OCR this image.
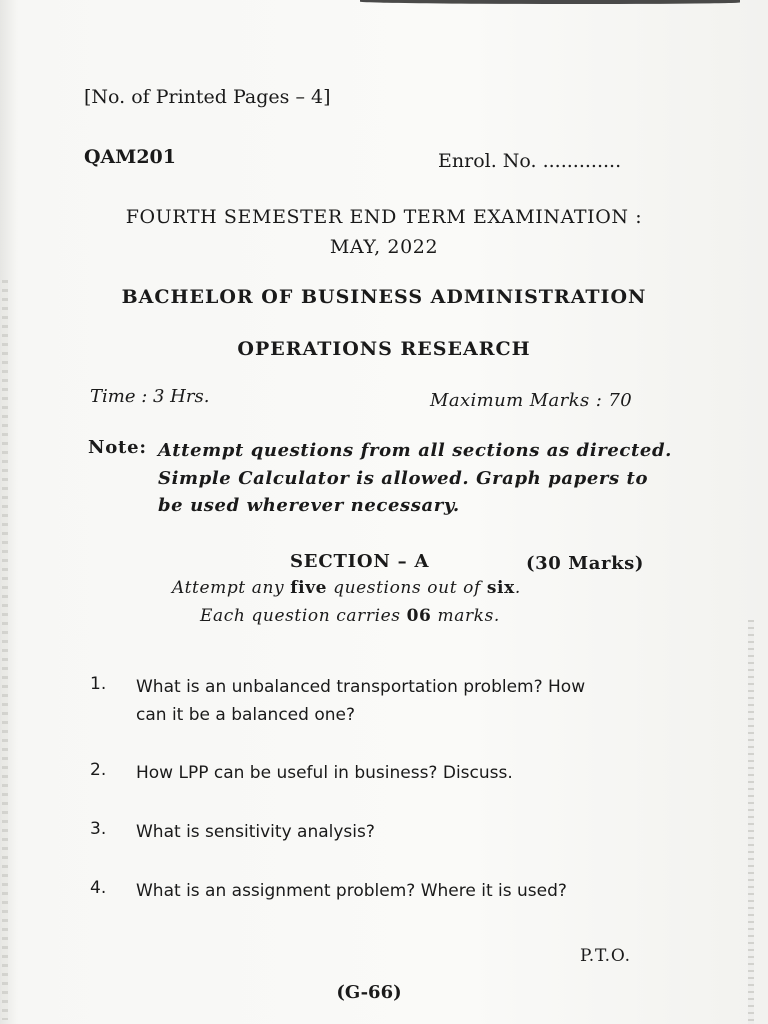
[No. of Printed Pages – 4]

QAM201	Enrol. No. .............

FOURTH SEMESTER END TERM EXAMINATION :

MAY, 2022

BACHELOR OF BUSINESS ADMINISTRATION

OPERATIONS RESEARCH

Time : 3 Hrs.	Maximum Marks : 70

Note: Attempt questions from all sections as directed.

Simple Calculator is allowed. Graph papers to

be used wherever necessary.

SECTION – A	(30 Marks)

Attempt any five questions out of six.

Each question carries 06 marks.

1. What is an unbalanced transportation problem? How

can it be a balanced one?

2. How LPP can be useful in business? Discuss.

3. What is sensitivity analysis?

4. What is an assignment problem? Where it is used?

P.T.O.

(G-66)
